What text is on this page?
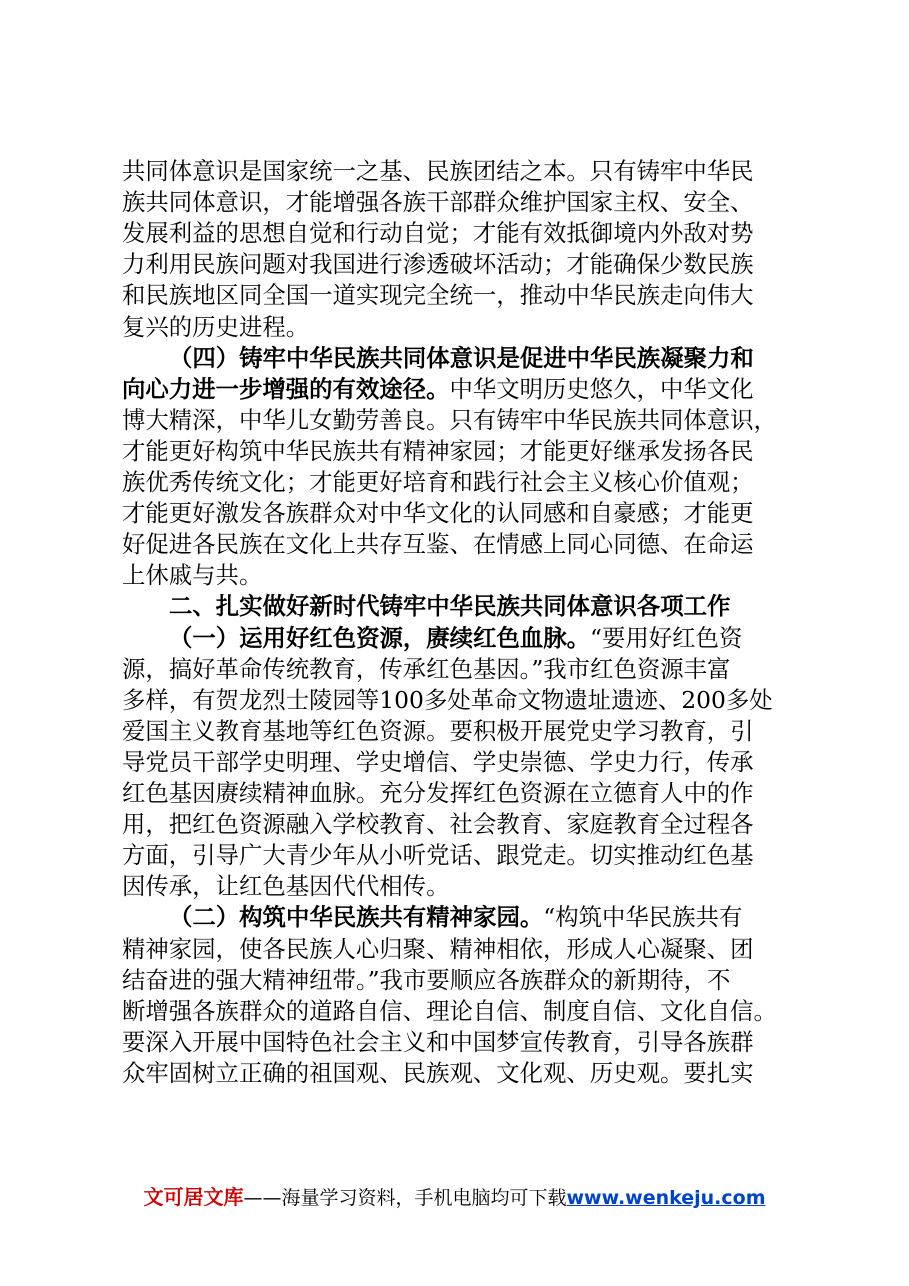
共同体意识是国家统一之基、民族团结之本。只有铸牢中华民
族共同体意识，才能增强各族干部群众维护国家主权、安全、
发展利益的思想自觉和行动自觉；才能有效抵御境内外敌对势
力利用民族问题对我国进行渗透破坏活动；才能确保少数民族
和民族地区同全国一道实现完全统一，推动中华民族走向伟大
复兴的历史进程。
（四）铸牢中华民族共同体意识是促进中华民族凝聚力和
向心力进一步增强的有效途径。中华文明历史悠久，中华文化
博大精深，中华儿女勤劳善良。只有铸牢中华民族共同体意识，
才能更好构筑中华民族共有精神家园；才能更好继承发扬各民
族优秀传统文化；才能更好培育和践行社会主义核心价值观；
才能更好激发各族群众对中华文化的认同感和自豪感；才能更
好促进各民族在文化上共存互鉴、在情感上同心同德、在命运
上休戚与共。
二、扎实做好新时代铸牢中华民族共同体意识各项工作
（一）运用好红色资源，赓续红色血脉。“要用好红色资
源，搞好革命传统教育，传承红色基因。”我市红色资源丰富
多样，有贺龙烈士陵园等100多处革命文物遗址遗迹、200多处
爱国主义教育基地等红色资源。要积极开展党史学习教育，引
导党员干部学史明理、学史增信、学史崇德、学史力行，传承
红色基因赓续精神血脉。充分发挥红色资源在立德育人中的作
用，把红色资源融入学校教育、社会教育、家庭教育全过程各
方面，引导广大青少年从小听党话、跟党走。切实推动红色基
因传承，让红色基因代代相传。
（二）构筑中华民族共有精神家园。“构筑中华民族共有
精神家园，使各民族人心归聚、精神相依，形成人心凝聚、团
结奋进的强大精神纽带。”我市要顺应各族群众的新期待，不
断增强各族群众的道路自信、理论自信、制度自信、文化自信。
要深入开展中国特色社会主义和中国梦宣传教育，引导各族群
众牢固树立正确的祖国观、民族观、文化观、历史观。要扎实
文可居文库——海量学习资料，手机电脑均可下载www.wenkeju.com
